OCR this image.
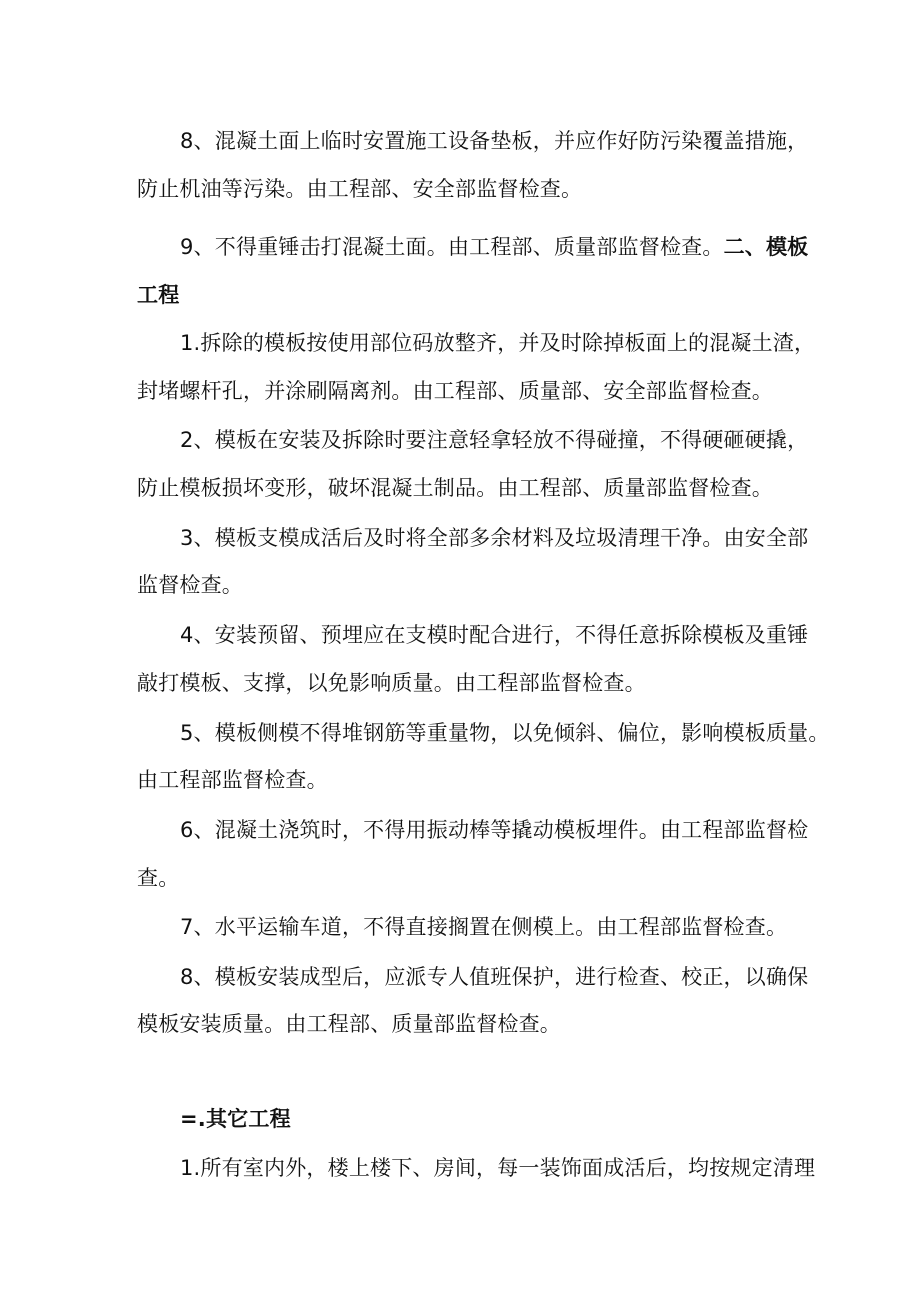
8、混凝土面上临时安置施工设备垫板，并应作好防污染覆盖措施，

防止机油等污染。由工程部、安全部监督检查。

9、不得重锤击打混凝土面。由工程部、质量部监督检查。二、模板

工程

1.拆除的模板按使用部位码放整齐，并及时除掉板面上的混凝土渣，

封堵螺杆孔，并涂刷隔离剂。由工程部、质量部、安全部监督检查。

2、模板在安装及拆除时要注意轻拿轻放不得碰撞，不得硬砸硬撬，

防止模板损坏变形，破坏混凝土制品。由工程部、质量部监督检查。

3、模板支模成活后及时将全部多余材料及垃圾清理干净。由安全部

监督检查。

4、安装预留、预埋应在支模时配合进行，不得任意拆除模板及重锤

敲打模板、支撑，以免影响质量。由工程部监督检查。

5、模板侧模不得堆钢筋等重量物，以免倾斜、偏位，影响模板质量。

由工程部监督检查。

6、混凝土浇筑时，不得用振动棒等撬动模板埋件。由工程部监督检

查。

7、水平运输车道，不得直接搁置在侧模上。由工程部监督检查。

8、模板安装成型后，应派专人值班保护，进行检查、校正，以确保

模板安装质量。由工程部、质量部监督检查。

=.其它工程

1.所有室内外，楼上楼下、房间，每一装饰面成活后，均按规定清理
